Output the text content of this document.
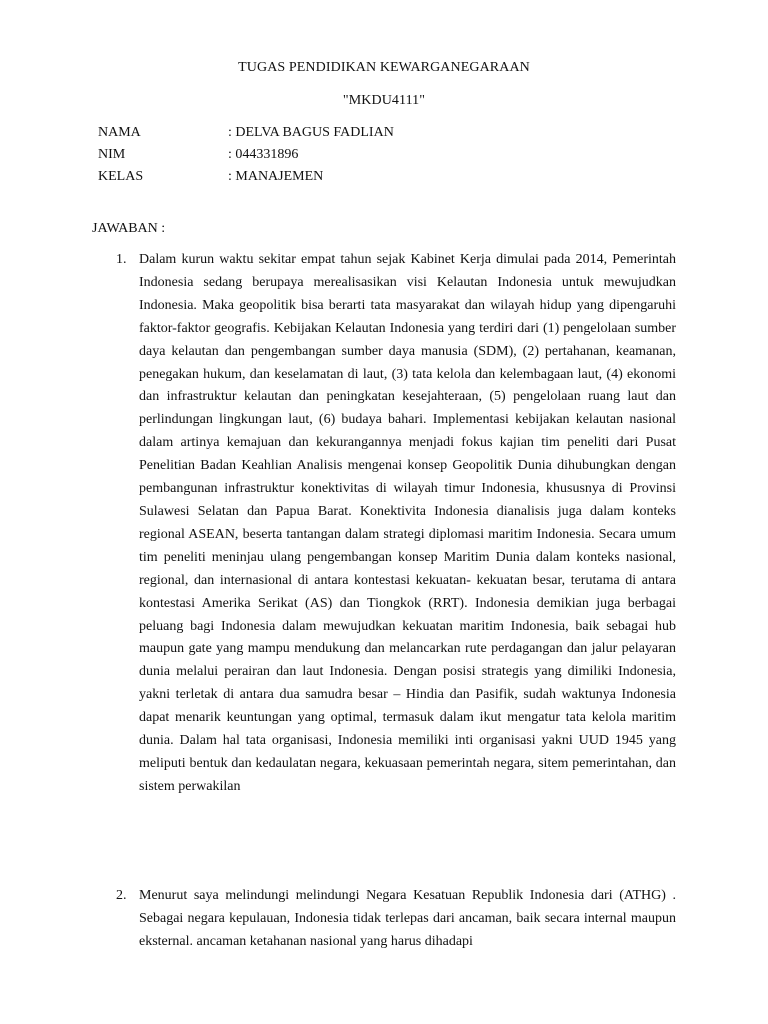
TUGAS PENDIDIKAN KEWARGANEGARAAN
"MKDU4111"
NAMA	: DELVA BAGUS FADLIAN
NIM	: 044331896
KELAS	: MANAJEMEN
JAWABAN :
1. Dalam kurun waktu sekitar empat tahun sejak Kabinet Kerja dimulai pada 2014, Pemerintah Indonesia sedang berupaya merealisasikan visi Kelautan Indonesia untuk mewujudkan Indonesia. Maka geopolitik bisa berarti tata masyarakat dan wilayah hidup yang dipengaruhi faktor-faktor geografis. Kebijakan Kelautan Indonesia yang terdiri dari (1) pengelolaan sumber daya kelautan dan pengembangan sumber daya manusia (SDM), (2) pertahanan, keamanan, penegakan hukum, dan keselamatan di laut, (3) tata kelola dan kelembagaan laut, (4) ekonomi dan infrastruktur kelautan dan peningkatan kesejahteraan, (5) pengelolaan ruang laut dan perlindungan lingkungan laut, (6) budaya bahari. Implementasi kebijakan kelautan nasional dalam artinya kemajuan dan kekurangannya menjadi fokus kajian tim peneliti dari Pusat Penelitian Badan Keahlian Analisis mengenai konsep Geopolitik Dunia dihubungkan dengan pembangunan infrastruktur konektivitas di wilayah timur Indonesia, khususnya di Provinsi Sulawesi Selatan dan Papua Barat. Konektivita Indonesia dianalisis juga dalam konteks regional ASEAN, beserta tantangan dalam strategi diplomasi maritim Indonesia. Secara umum tim peneliti meninjau ulang pengembangan konsep Maritim Dunia dalam konteks nasional, regional, dan internasional di antara kontestasi kekuatan- kekuatan besar, terutama di antara kontestasi Amerika Serikat (AS) dan Tiongkok (RRT). Indonesia demikian juga berbagai peluang bagi Indonesia dalam mewujudkan kekuatan maritim Indonesia, baik sebagai hub maupun gate yang mampu mendukung dan melancarkan rute perdagangan dan jalur pelayaran dunia melalui perairan dan laut Indonesia. Dengan posisi strategis yang dimiliki Indonesia, yakni terletak di antara dua samudra besar – Hindia dan Pasifik, sudah waktunya Indonesia dapat menarik keuntungan yang optimal, termasuk dalam ikut mengatur tata kelola maritim dunia. Dalam hal tata organisasi, Indonesia memiliki inti organisasi yakni UUD 1945 yang meliputi bentuk dan kedaulatan negara, kekuasaan pemerintah negara, sitem pemerintahan, dan sistem perwakilan
2. Menurut saya melindungi melindungi Negara Kesatuan Republik Indonesia dari (ATHG) . Sebagai negara kepulauan, Indonesia tidak terlepas dari ancaman, baik secara internal maupun eksternal. ancaman ketahanan nasional yang harus dihadapi
